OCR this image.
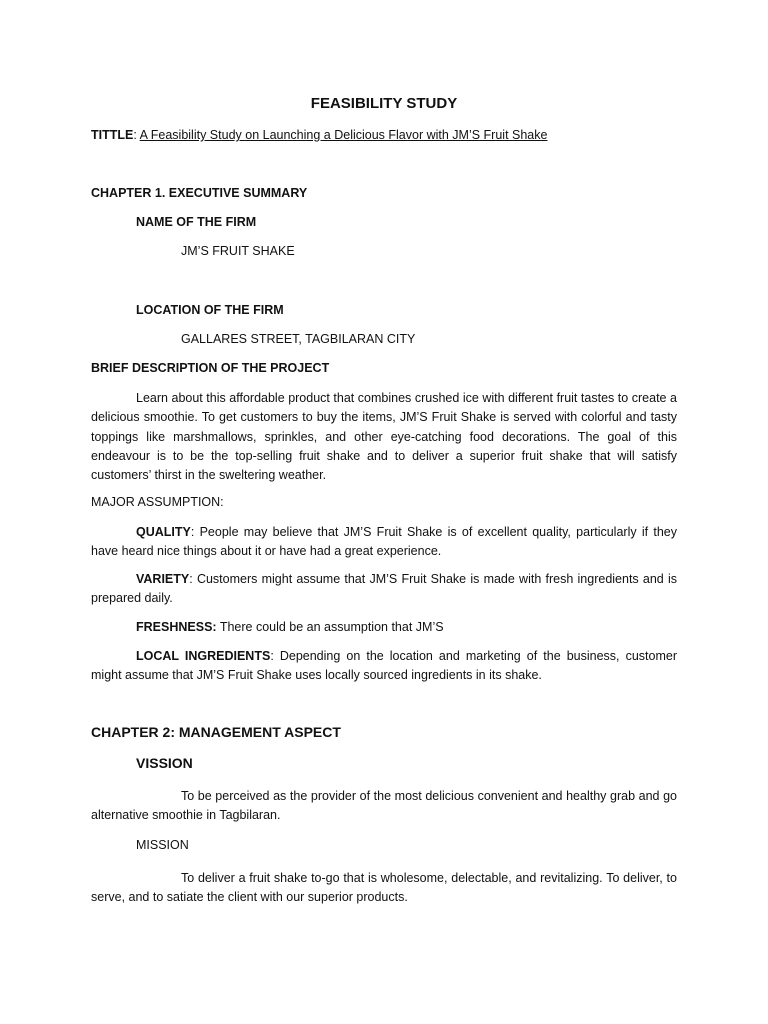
FEASIBILITY STUDY
TITTLE: A Feasibility Study on Launching a Delicious Flavor with JM’S Fruit Shake
CHAPTER 1. EXECUTIVE SUMMARY
NAME OF THE FIRM
JM’S FRUIT SHAKE
LOCATION OF THE FIRM
GALLARES STREET, TAGBILARAN CITY
BRIEF DESCRIPTION OF THE PROJECT

Learn about this affordable product that combines crushed ice with different fruit tastes to create a delicious smoothie. To get customers to buy the items, JM’S Fruit Shake is served with colorful and tasty toppings like marshmallows, sprinkles, and other eye-catching food decorations. The goal of this endeavour is to be the top-selling fruit shake and to deliver a superior fruit shake that will satisfy customers’ thirst in the sweltering weather.

MAJOR ASSUMPTION:

QUALITY: People may believe that JM’S Fruit Shake is of excellent quality, particularly if they have heard nice things about it or have had a great experience.

VARIETY: Customers might assume that JM’S Fruit Shake is made with fresh ingredients and is prepared daily.

FRESHNESS: There could be an assumption that JM’S

LOCAL INGREDIENTS: Depending on the location and marketing of the business, customer might assume that JM’S Fruit Shake uses locally sourced ingredients in its shake.

CHAPTER 2: MANAGEMENT ASPECT
VISSION

To be perceived as the provider of the most delicious convenient and healthy grab and go alternative smoothie in Tagbilaran.

MISSION

To deliver a fruit shake to-go that is wholesome, delectable, and revitalizing. To deliver, to serve, and to satiate the client with our superior products.
